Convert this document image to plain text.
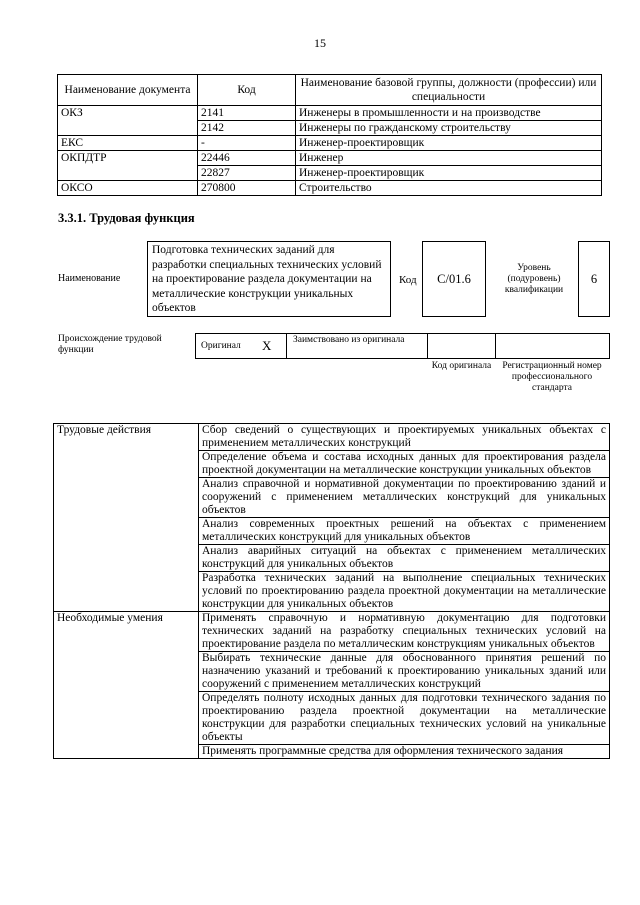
15
Наименование документа	Код	Наименование базовой группы, должности (профессии) или специальности
ОКЗ	2141	Инженеры в промышленности и на производстве
	2142	Инженеры по гражданскому строительству
ЕКС	-	Инженер-проектировщик
ОКПДТР	22446	Инженер
	22827	Инженер-проектировщик
ОКСО	270800	Строительство
3.3.1. Трудовая функция
Наименование
Подготовка технических заданий для разработки специальных технических условий на проектирование раздела документации на металлические конструкции уникальных объектов
Код	C/01.6
Уровень (подуровень) квалификации
6
Происхождение трудовой функции	Оригинал X	Заимствовано из оригинала
Код оригинала	Регистрационный номер профессионального стандарта
Трудовые действия	Сбор сведений о существующих и проектируемых уникальных объектах с применением металлических конструкций
	Определение объема и состава исходных данных для проектирования раздела проектной документации на металлические конструкции уникальных объектов
	Анализ справочной и нормативной документации по проектированию зданий и сооружений с применением металлических конструкций для уникальных объектов
	Анализ современных проектных решений на объектах с применением металлических конструкций для уникальных объектов
	Анализ аварийных ситуаций на объектах с применением металлических конструкций для уникальных объектов
	Разработка технических заданий на выполнение специальных технических условий по проектированию раздела проектной документации на металлические конструкции для уникальных объектов
Необходимые умения	Применять справочную и нормативную документацию для подготовки технических заданий на разработку специальных технических условий на проектирование раздела по металлическим конструкциям уникальных объектов
	Выбирать технические данные для обоснованного принятия решений по назначению указаний и требований к проектированию уникальных зданий или сооружений с применением металлических конструкций
	Определять полноту исходных данных для подготовки технического задания по проектированию раздела проектной документации на металлические конструкции для разработки специальных технических условий на уникальные объекты
	Применять программные средства для оформления технического задания
